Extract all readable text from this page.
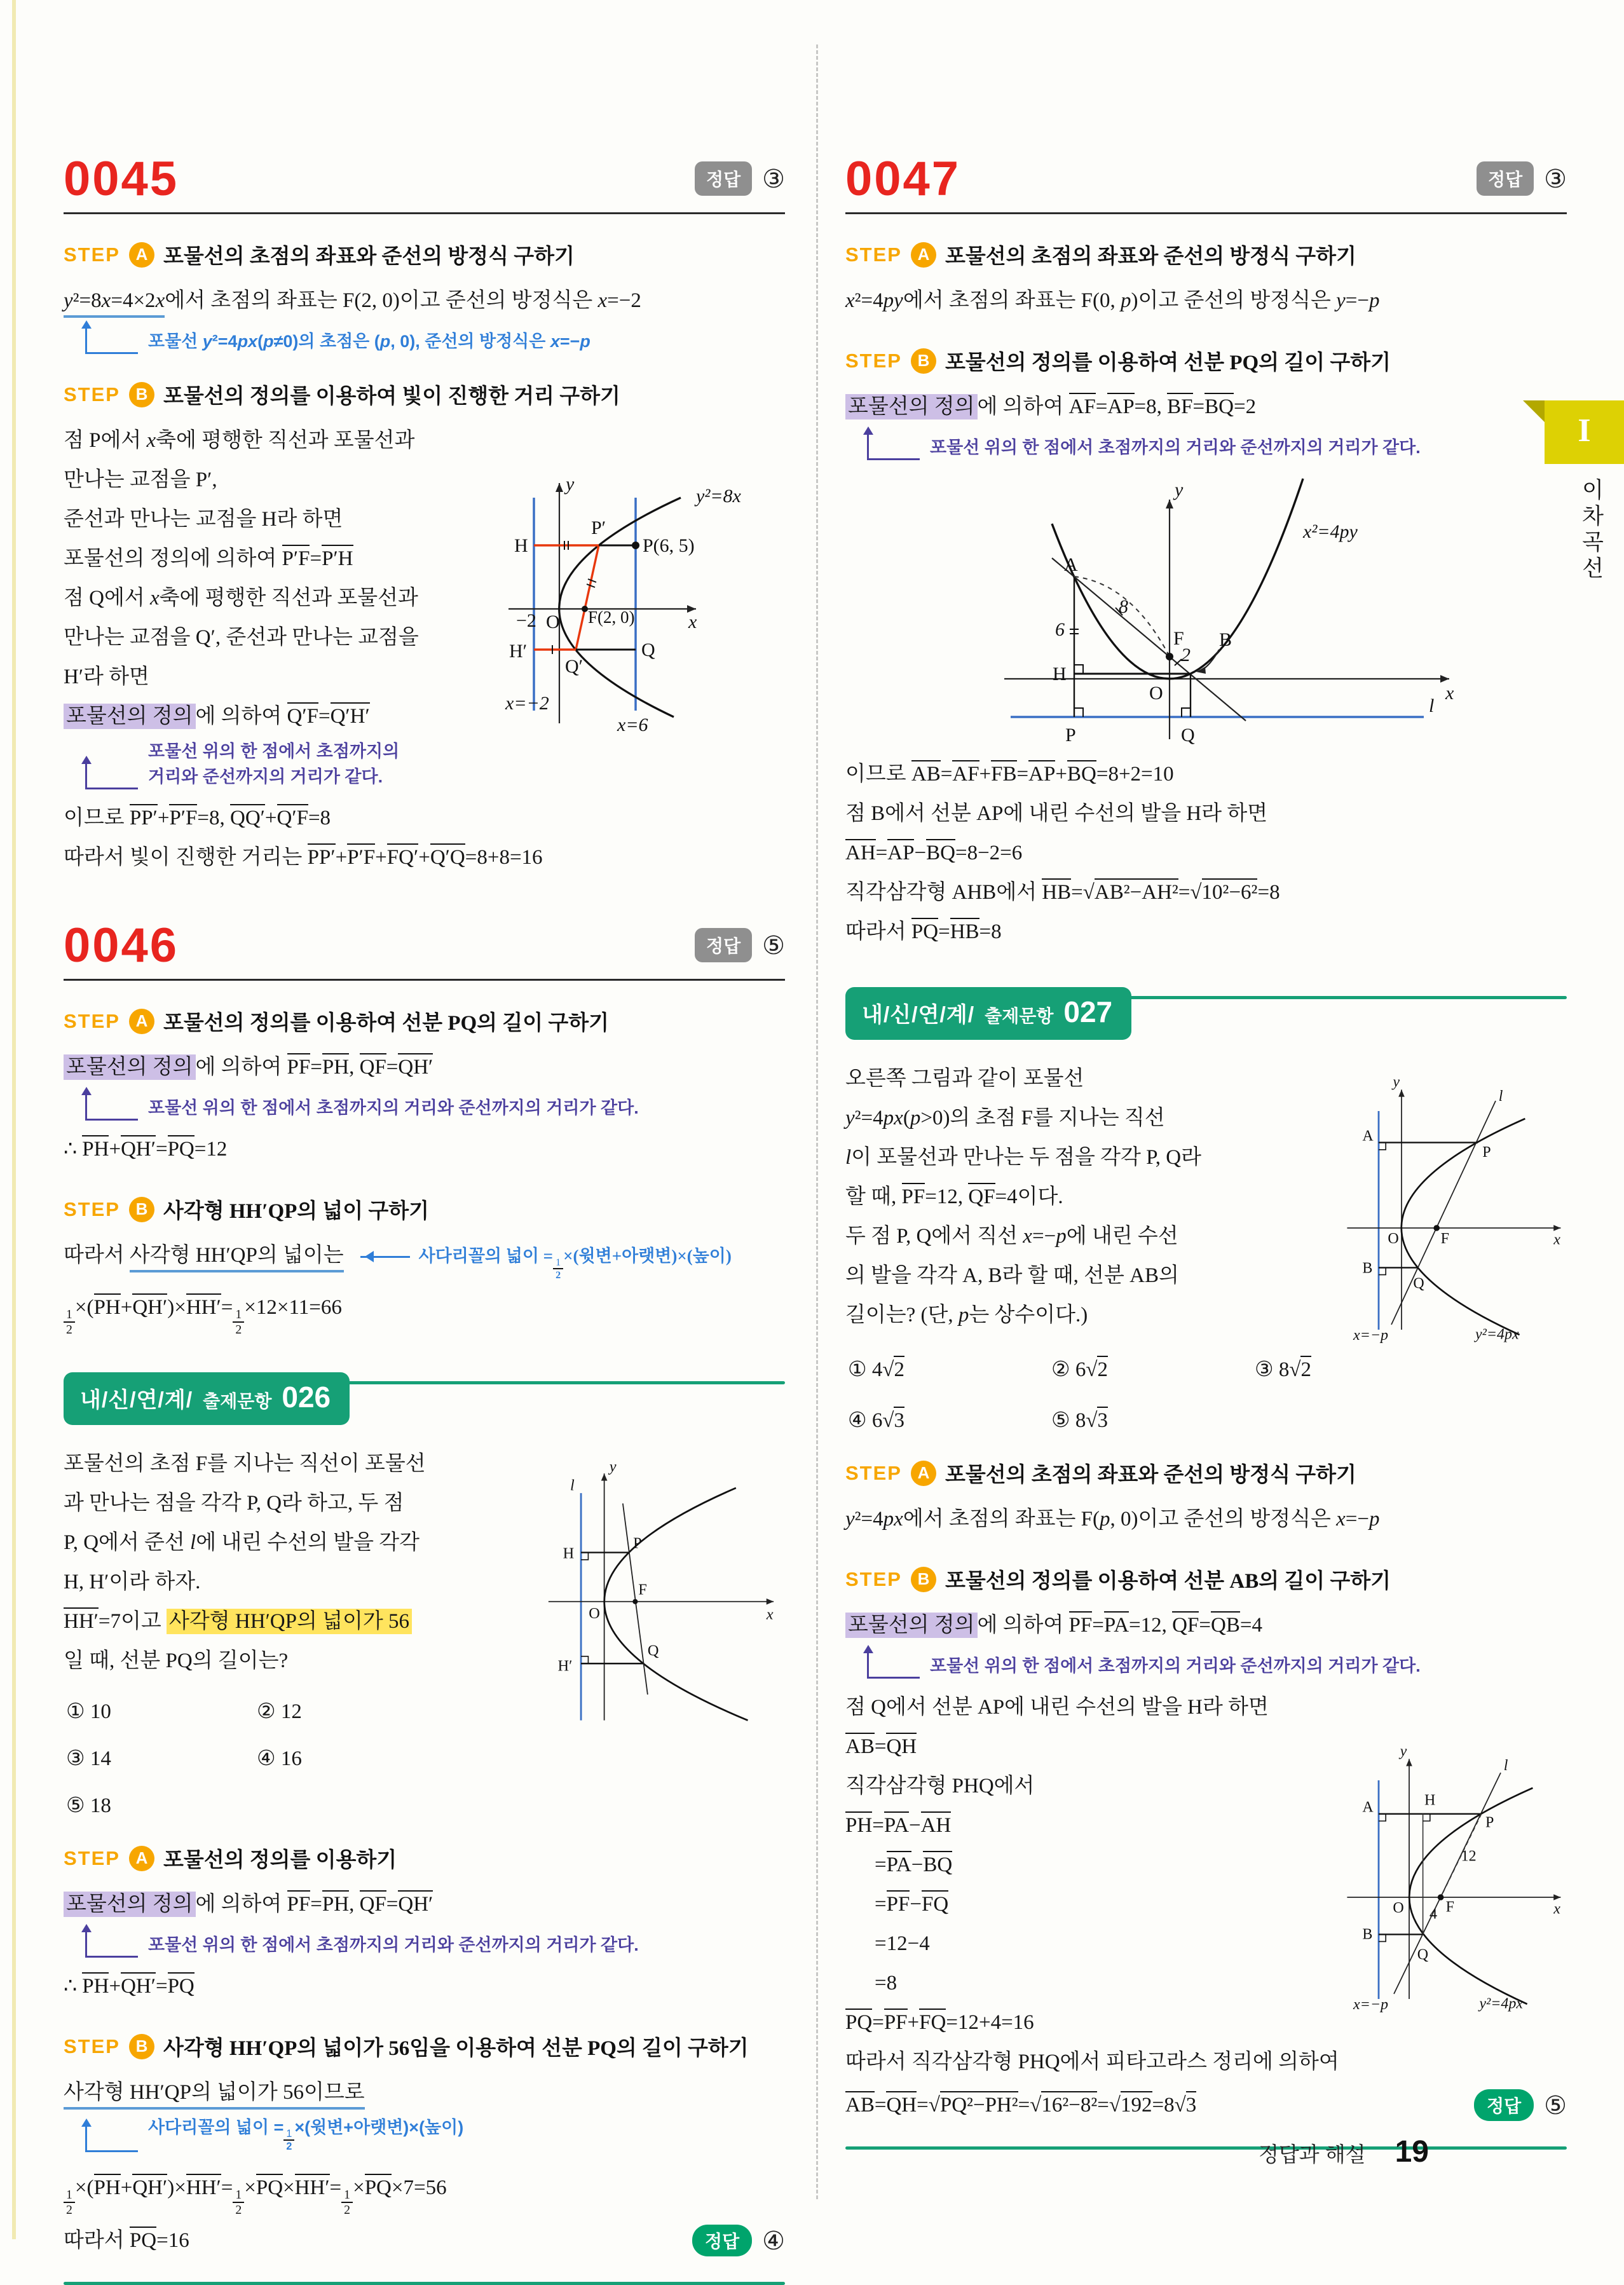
0045	정답 ③
STEP A 포물선의 초점의 좌표와 준선의 방정식 구하기

y²=8x=4×2x에서 초점의 좌표는 F(2, 0)이고 준선의 방정식은 x=−2

포물선 y²=4px(p≠0)의 초점은 (p, 0), 준선의 방정식은 x=−p
STEP B 포물선의 정의를 이용하여 빛이 진행한 거리 구하기
y
x
O
−2	F(2, 0)
H
H′
P′
P(6, 5)
Q′
Q
x=−2
x=6
y²=8x

점 P에서 x축에 평행한 직선과 포물선과

만나는 교점을 P′,

준선과 만나는 교점을 H라 하면

포물선의 정의에 의하여 P′F=P′H

점 Q에서 x축에 평행한 직선과 포물선과

만나는 교점을 Q′, 준선과 만나는 교점을

H′라 하면

포물선의 정의 에 의하여 Q′F=Q′H′

포물선 위의 한 점에서 초점까지의
거리와 준선까지의 거리가 같다.

이므로 PP′+P′F=8, QQ′+Q′F=8

따라서 빛이 진행한 거리는 PP′+P′F+FQ′+Q′Q=8+8=16

0046	정답 ⑤
STEP A 포물선의 정의를 이용하여 선분 PQ의 길이 구하기

포물선의 정의 에 의하여 PF=PH, QF=QH′

포물선 위의 한 점에서 초점까지의 거리와 준선까지의 거리가 같다.

∴ PH+QH′=PQ=12

STEP B 사각형 HH′QP의 넓이 구하기

따라서 사각형 HH′QP의 넓이는	사다리꼴의 넓이 =
$\frac{1}{2}$
×(윗변+아랫변)×(높이)

$\frac{1}{2} \times(PH+QH')\times HH'= \frac{1}{2} \times 12\times 11=66$

내/신/연/계/ 출제문항 026
y
x
O
F
H
H′
P
Q
l

포물선의 초점 F를 지나는 직선이 포물선

과 만나는 점을 각각 P, Q라 하고, 두 점

P, Q에서 준선 l에 내린 수선의 발을 각각

H, H′이라 하자.

HH′=7이고 사각형 HH′QP의 넓이가 56

일 때, 선분 PQ의 길이는?

① 10	② 12
③ 14	④ 16
⑤ 18
STEP A 포물선의 정의를 이용하기

포물선의 정의 에 의하여 PF=PH, QF=QH′

포물선 위의 한 점에서 초점까지의 거리와 준선까지의 거리가 같다.

∴ PH+QH′=PQ

STEP B 사각형 HH′QP의 넓이가 56임을 이용하여 선분 PQ의 길이 구하기

사각형 HH′QP의 넓이가 56이므로

사다리꼴의 넓이 =
$\frac{1}{2}$
×(윗변+아랫변)×(높이)

$\frac{1}{2} \times(PH+QH')\times HH'= \frac{1}{2} \times PQ\times HH'= \frac{1}{2} \times PQ\times 7=56$

따라서 PQ=16	정답 ④
0047	정답 ③
STEP A 포물선의 초점의 좌표와 준선의 방정식 구하기

x²=4py에서 초점의 좌표는 F(0, p)이고 준선의 방정식은 y=−p

STEP B 포물선의 정의를 이용하여 선분 PQ의 길이 구하기

포물선의 정의 에 의하여 AF=AP=8, BF=BQ=2

포물선 위의 한 점에서 초점까지의 거리와 준선까지의 거리가 같다.
y
x
O
F
A
B
H
P	Q
l
8
6
2
x²=4py

이므로 AB=AF+FB=AP+BQ=8+2=10

점 B에서 선분 AP에 내린 수선의 발을 H라 하면

AH=AP−BQ=8−2=6

직각삼각형 AHB에서 HB=√AB²−AH²=√10²−6²=8

따라서 PQ=HB=8

내/신/연/계/ 출제문항 027
y
x
O F
A
B
P
Q
l
x=−p	y²=4px

오른쪽 그림과 같이 포물선

y²=4px(p>0)의 초점 F를 지나는 직선

l이 포물선과 만나는 두 점을 각각 P, Q라

할 때, PF=12, QF=4이다.

두 점 P, Q에서 직선 x=−p에 내린 수선

의 발을 각각 A, B라 할 때, 선분 AB의

길이는? (단, p는 상수이다.)

① 4√2	② 6√2	③ 8√2
④ 6√3	⑤ 8√3
STEP A 포물선의 초점의 좌표와 준선의 방정식 구하기

y²=4px에서 초점의 좌표는 F(p, 0)이고 준선의 방정식은 x=−p

STEP B 포물선의 정의를 이용하여 선분 AB의 길이 구하기

포물선의 정의 에 의하여 PF=PA=12, QF=QB=4

포물선 위의 한 점에서 초점까지의 거리와 준선까지의 거리가 같다.

점 Q에서 선분 AP에 내린 수선의 발을 H라 하면

y
x
O F
A	H
B
P
Q
l
12
4
x=−p	y²=4px

AB=QH

직각삼각형 PHQ에서

PH=PA−AH

=PA−BQ

=PF−FQ

=12−4

=8

PQ=PF+FQ=12+4=16

따라서 직각삼각형 PHQ에서 피타고라스 정리에 의하여

AB=QH=√PQ²−PH²=√16²−8²=√192=8√3	정답 ⑤
I
이차곡선
정답과 해설 19
